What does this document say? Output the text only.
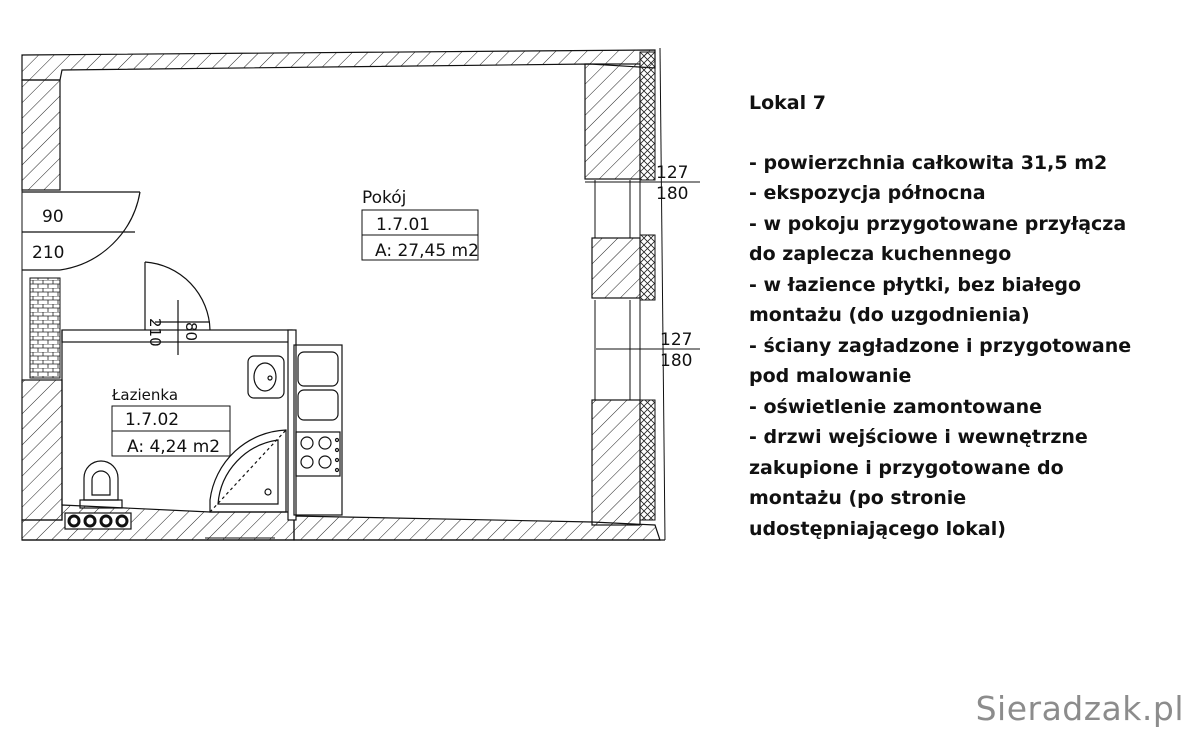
90
210
210 80
Pokój
1.7.01
A: 27,45 m2
Łazienka
1.7.02
A: 4,24 m2
127
180
127
180
Lokal 7
- powierzchnia całkowita 31,5 m2
- ekspozycja północna
- w pokoju przygotowane przyłącza
do zaplecza kuchennego
- w łazience płytki, bez białego
montażu (do uzgodnienia)
- ściany zagładzone i przygotowane
pod malowanie
- oświetlenie zamontowane
- drzwi wejściowe i wewnętrzne
zakupione i przygotowane do
montażu (po stronie
udostępniającego lokal)
Sieradzak.pl
